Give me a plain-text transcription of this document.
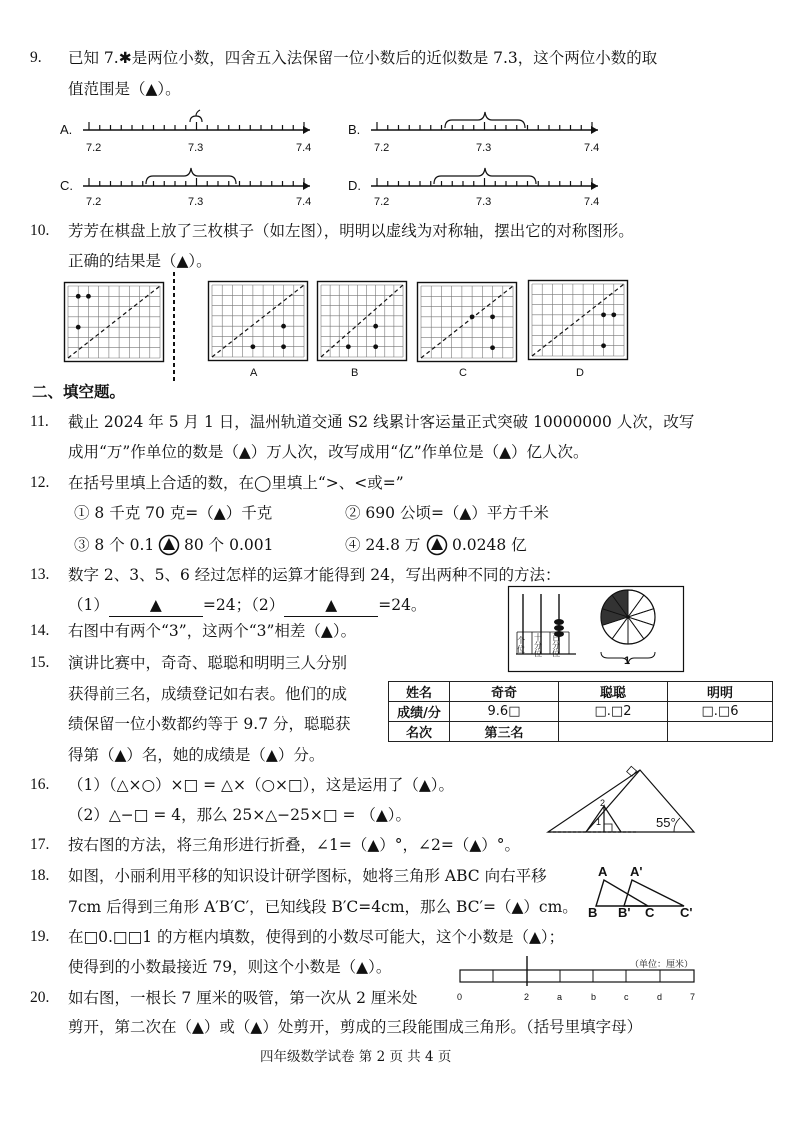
9. 已知 7.✱是两位小数，四舍五入法保留一位小数后的近似数是 7.3，这个两位小数的取
值范围是（▲）。
A.
7.2	7.3	7.4
B.
7.2	7.3	7.4
C.
7.2	7.3	7.4
D.
7.2	7.3	7.4
10. 芳芳在棋盘上放了三枚棋子（如左图），明明以虚线为对称轴，摆出它的对称图形。
正确的结果是（▲）。
A	B	C	D
二、填空题。
11. 截止 2024 年 5 月 1 日，温州轨道交通 S2 线累计客运量正式突破 10000000 人次，改写
成用“万”作单位的数是（▲）万人次，改写成用“亿”作单位是（▲）亿人次。
12. 在括号里填上合适的数，在◯里填上“>、<或=”
① 8 千克 70 克=（▲）千克	② 690 公顷=（▲）平方千米
③ 8 个 0.1 80 个 0.001	④ 24.8 万 0.0248 亿
13. 数字 2、3、5、6 经过怎样的运算才能得到 24，写出两种不同的方法：
（1）	▲	=24；（2）	▲	=24。
个位
十分位
百分位
1
14. 右图中有两个“3”，这两个“3”相差（▲）。
15. 演讲比赛中，奇奇、聪聪和明明三人分别
获得前三名，成绩登记如右表。他们的成
绩保留一位小数都约等于 9.7 分，聪聪获
得第（▲）名，她的成绩是（▲）分。
姓名	奇奇	聪聪	明明
成绩/分	9.6□	□.□2	□.□6
名次	第三名		
16. （1）（△×○）×□ = △×（○×□），这是运用了（▲）。
（2）△−□ = 4，那么 25×△−25×□ = （▲）。	1
2
55°
17. 按右图的方法，将三角形进行折叠，∠1=（▲）°，∠2=（▲）°。
18. 如图，小丽利用平移的知识设计研学图标，她将三角形 ABC 向右平移
7cm 后得到三角形 A′B′C′，已知线段 B′C=4cm，那么 BC′=（▲）cm。
A A'
B B' C C'
19. 在□0.□□1 的方框内填数，使得到的小数尽可能大，这个小数是（▲）；
使得到的小数最接近 79，则这个小数是（▲）。
20. 如右图，一根长 7 厘米的吸管，第一次从 2 厘米处
剪开，第二次在（▲）或（▲）处剪开，剪成的三段能围成三角形。（括号里填字母）
（单位：厘米）
0	2	a	b	c	d	7
四年级数学试卷 第 2 页 共 4 页
